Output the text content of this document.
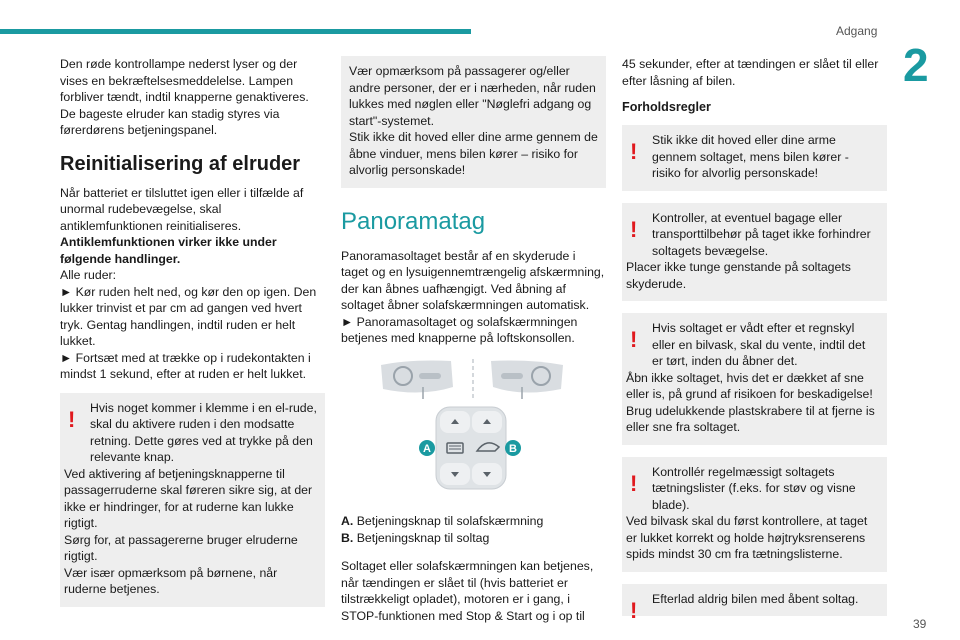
Adgang
2
39

Den røde kontrollampe nederst lyser og der vises en bekræftelsesmeddelelse. Lampen forbliver tændt, indtil knapperne genaktiveres.

De bageste elruder kan stadig styres via førerdørens betjeningspanel.

Reinitialisering af elruder

Når batteriet er tilsluttet igen eller i tilfælde af unormal rudebevægelse, skal antiklemfunktionen reinitialiseres.

Antiklemfunktionen virker ikke under følgende handlinger.

Alle ruder:

► Kør ruden helt ned, og kør den op igen. Den lukker trinvist et par cm ad gangen ved hvert tryk. Gentag handlingen, indtil ruden er helt lukket.

► Fortsæt med at trække op i rudekontakten i mindst 1 sekund, efter at ruden er helt lukket.

!	Hvis noget kommer i klemme i en el-rude, skal du aktivere ruden i den modsatte retning. Dette gøres ved at trykke på den relevante knap.

Ved aktivering af betjeningsknapperne til passagerruderne skal føreren sikre sig, at der ikke er hindringer, for at ruderne kan lukke rigtigt.

Sørg for, at passagererne bruger elruderne rigtigt.

Vær især opmærksom på børnene, når ruderne betjenes.

Vær opmærksom på passagerer og/eller andre personer, der er i nærheden, når ruden lukkes med nøglen eller "Nøglefri adgang og start"-systemet.

Stik ikke dit hoved eller dine arme gennem de åbne vinduer, mens bilen kører – risiko for alvorlig personskade!

Panoramatag

Panoramasoltaget består af en skyderude i taget og en lysuigennemtrængelig afskærmning, der kan åbnes uafhængigt. Ved åbning af soltaget åbner solafskærmningen automatisk.

► Panoramasoltaget og solafskærmningen betjenes med knapperne på loftskonsollen.

A	B

A. Betjeningsknap til solafskærmning

B. Betjeningsknap til soltag

Soltaget eller solafskærmningen kan betjenes, når tændingen er slået til (hvis batteriet er tilstrækkeligt opladet), motoren er i gang, i STOP-funktionen med Stop & Start og i op til

45 sekunder, efter at tændingen er slået til eller efter låsning af bilen.

Forholdsregler
!	Stik ikke dit hoved eller dine arme gennem soltaget, mens bilen kører - risiko for alvorlig personskade!

!	Kontroller, at eventuel bagage eller transporttilbehør på taget ikke forhindrer soltagets bevægelse.

Placer ikke tunge genstande på soltagets skyderude.

!	Hvis soltaget er vådt efter et regnskyl eller en bilvask, skal du vente, indtil det er tørt, inden du åbner det.

Åbn ikke soltaget, hvis det er dækket af sne eller is, på grund af risikoen for beskadigelse!

Brug udelukkende plastskrabere til at fjerne is eller sne fra soltaget.

!	Kontrollér regelmæssigt soltagets tætningslister (f.eks. for støv og visne blade).

Ved bilvask skal du først kontrollere, at taget er lukket korrekt og holde højtryksrenserens spids mindst 30 cm fra tætningslisterne.

!	Efterlad aldrig bilen med åbent soltag.
